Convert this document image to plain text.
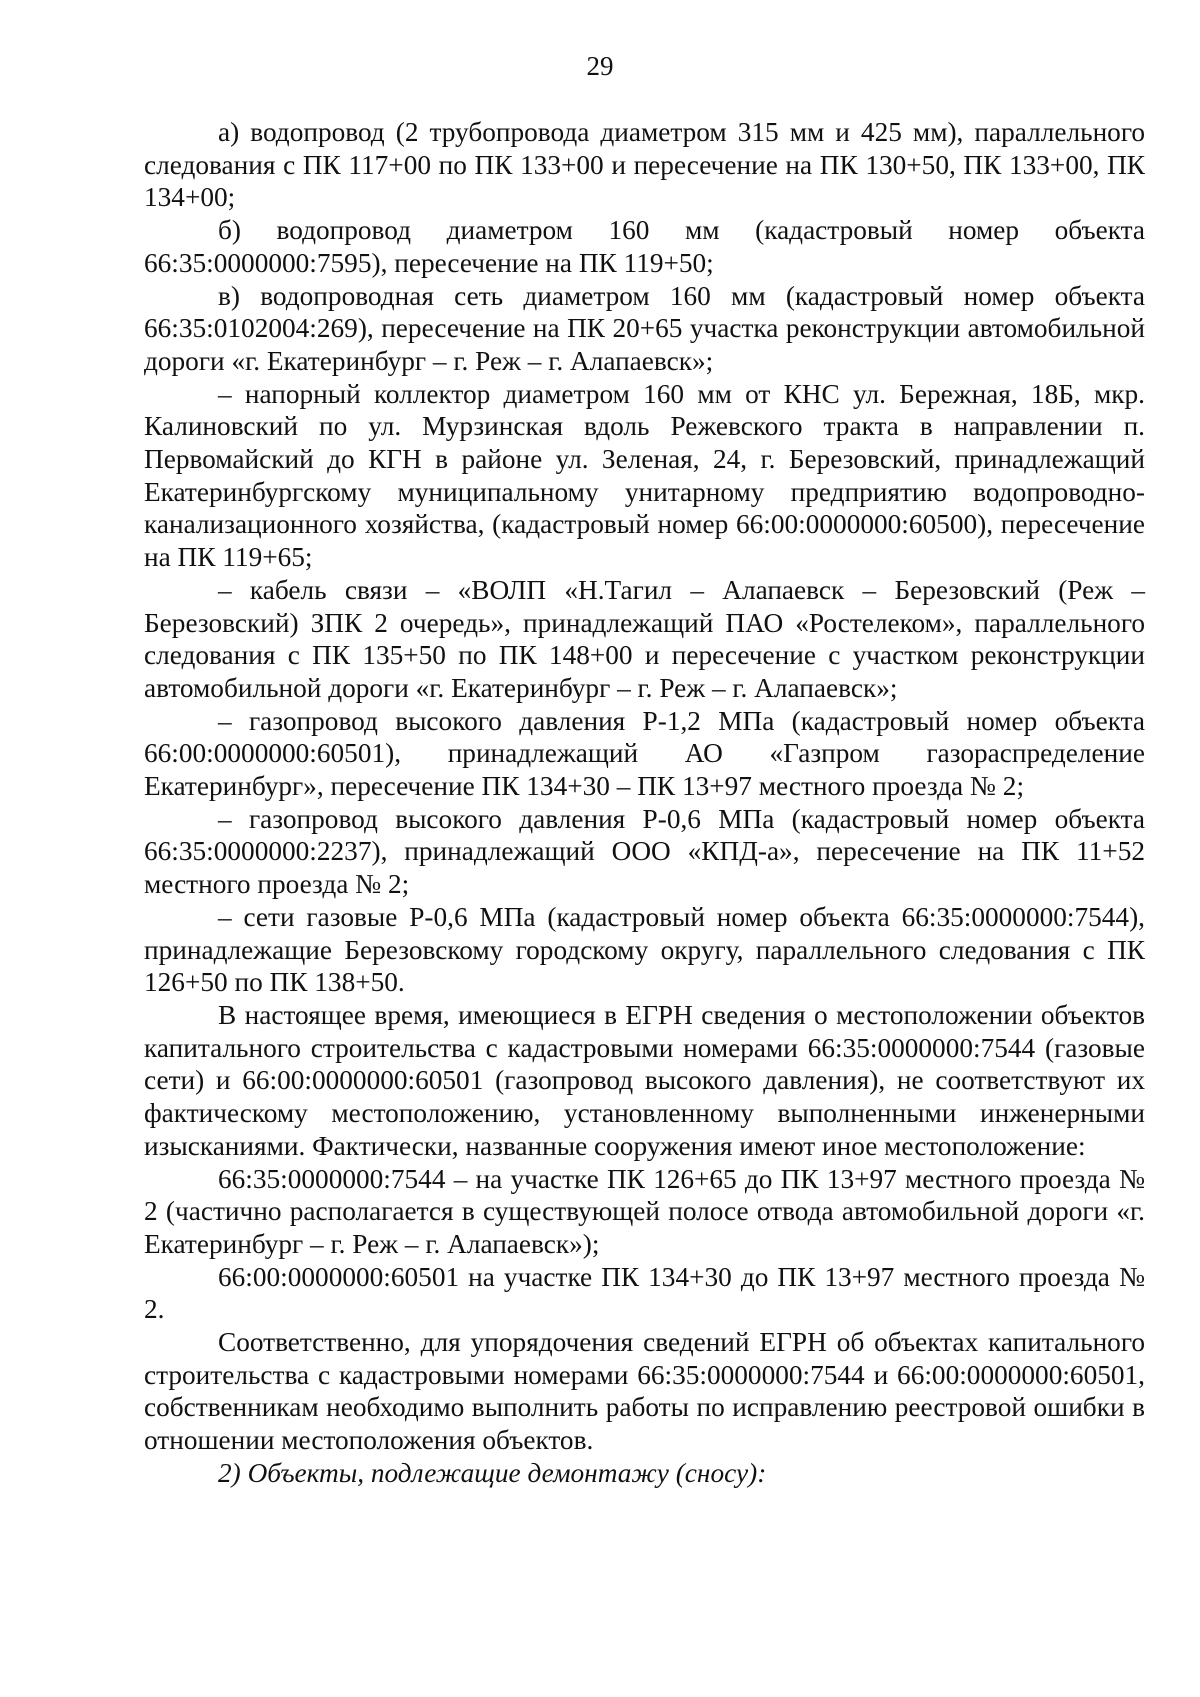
29

а) водопровод (2 трубопровода диаметром 315 мм и 425 мм), параллельного следования с ПК 117+00 по ПК 133+00 и пересечение на ПК 130+50, ПК 133+00, ПК 134+00;

б) водопровод диаметром 160 мм (кадастровый номер объекта 66:35:0000000:7595), пересечение на ПК 119+50;

в) водопроводная сеть диаметром 160 мм (кадастровый номер объекта 66:35:0102004:269), пересечение на ПК 20+65 участка реконструкции автомобильной дороги «г. Екатеринбург – г. Реж – г. Алапаевск»;

– напорный коллектор диаметром 160 мм от КНС ул. Бережная, 18Б, мкр. Калиновский по ул. Мурзинская вдоль Режевского тракта в направлении п. Первомайский до КГН в районе ул. Зеленая, 24, г. Березовский, принадлежащий Екатеринбургскому муниципальному унитарному предприятию водопроводно-канализационного хозяйства, (кадастровый номер 66:00:0000000:60500), пересечение на ПК 119+65;

– кабель связи – «ВОЛП «Н.Тагил – Алапаевск – Березовский (Реж – Березовский) ЗПК 2 очередь», принадлежащий ПАО «Ростелеком», параллельного следования с ПК 135+50 по ПК 148+00 и пересечение с участком реконструкции автомобильной дороги «г. Екатеринбург – г. Реж – г. Алапаевск»;

– газопровод высокого давления Р-1,2 МПа (кадастровый номер объекта 66:00:0000000:60501), принадлежащий АО «Газпром газораспределение Екатеринбург», пересечение ПК 134+30 – ПК 13+97 местного проезда № 2;

– газопровод высокого давления Р-0,6 МПа (кадастровый номер объекта 66:35:0000000:2237), принадлежащий ООО «КПД-а», пересечение на ПК 11+52 местного проезда № 2;

– сети газовые Р-0,6 МПа (кадастровый номер объекта 66:35:0000000:7544), принадлежащие Березовскому городскому округу, параллельного следования с ПК 126+50 по ПК 138+50.

В настоящее время, имеющиеся в ЕГРН сведения о местоположении объектов капитального строительства с кадастровыми номерами 66:35:0000000:7544 (газовые сети) и 66:00:0000000:60501 (газопровод высокого давления), не соответствуют их фактическому местоположению, установленному выполненными инженерными изысканиями. Фактически, названные сооружения имеют иное местоположение:

66:35:0000000:7544 – на участке ПК 126+65 до ПК 13+97 местного проезда № 2 (частично располагается в существующей полосе отвода автомобильной дороги «г. Екатеринбург – г. Реж – г. Алапаевск»);

66:00:0000000:60501 на участке ПК 134+30 до ПК 13+97 местного проезда № 2.

Соответственно, для упорядочения сведений ЕГРН об объектах капитального строительства с кадастровыми номерами 66:35:0000000:7544 и 66:00:0000000:60501, собственникам необходимо выполнить работы по исправлению реестровой ошибки в отношении местоположения объектов.

2) Объекты, подлежащие демонтажу (сносу):
